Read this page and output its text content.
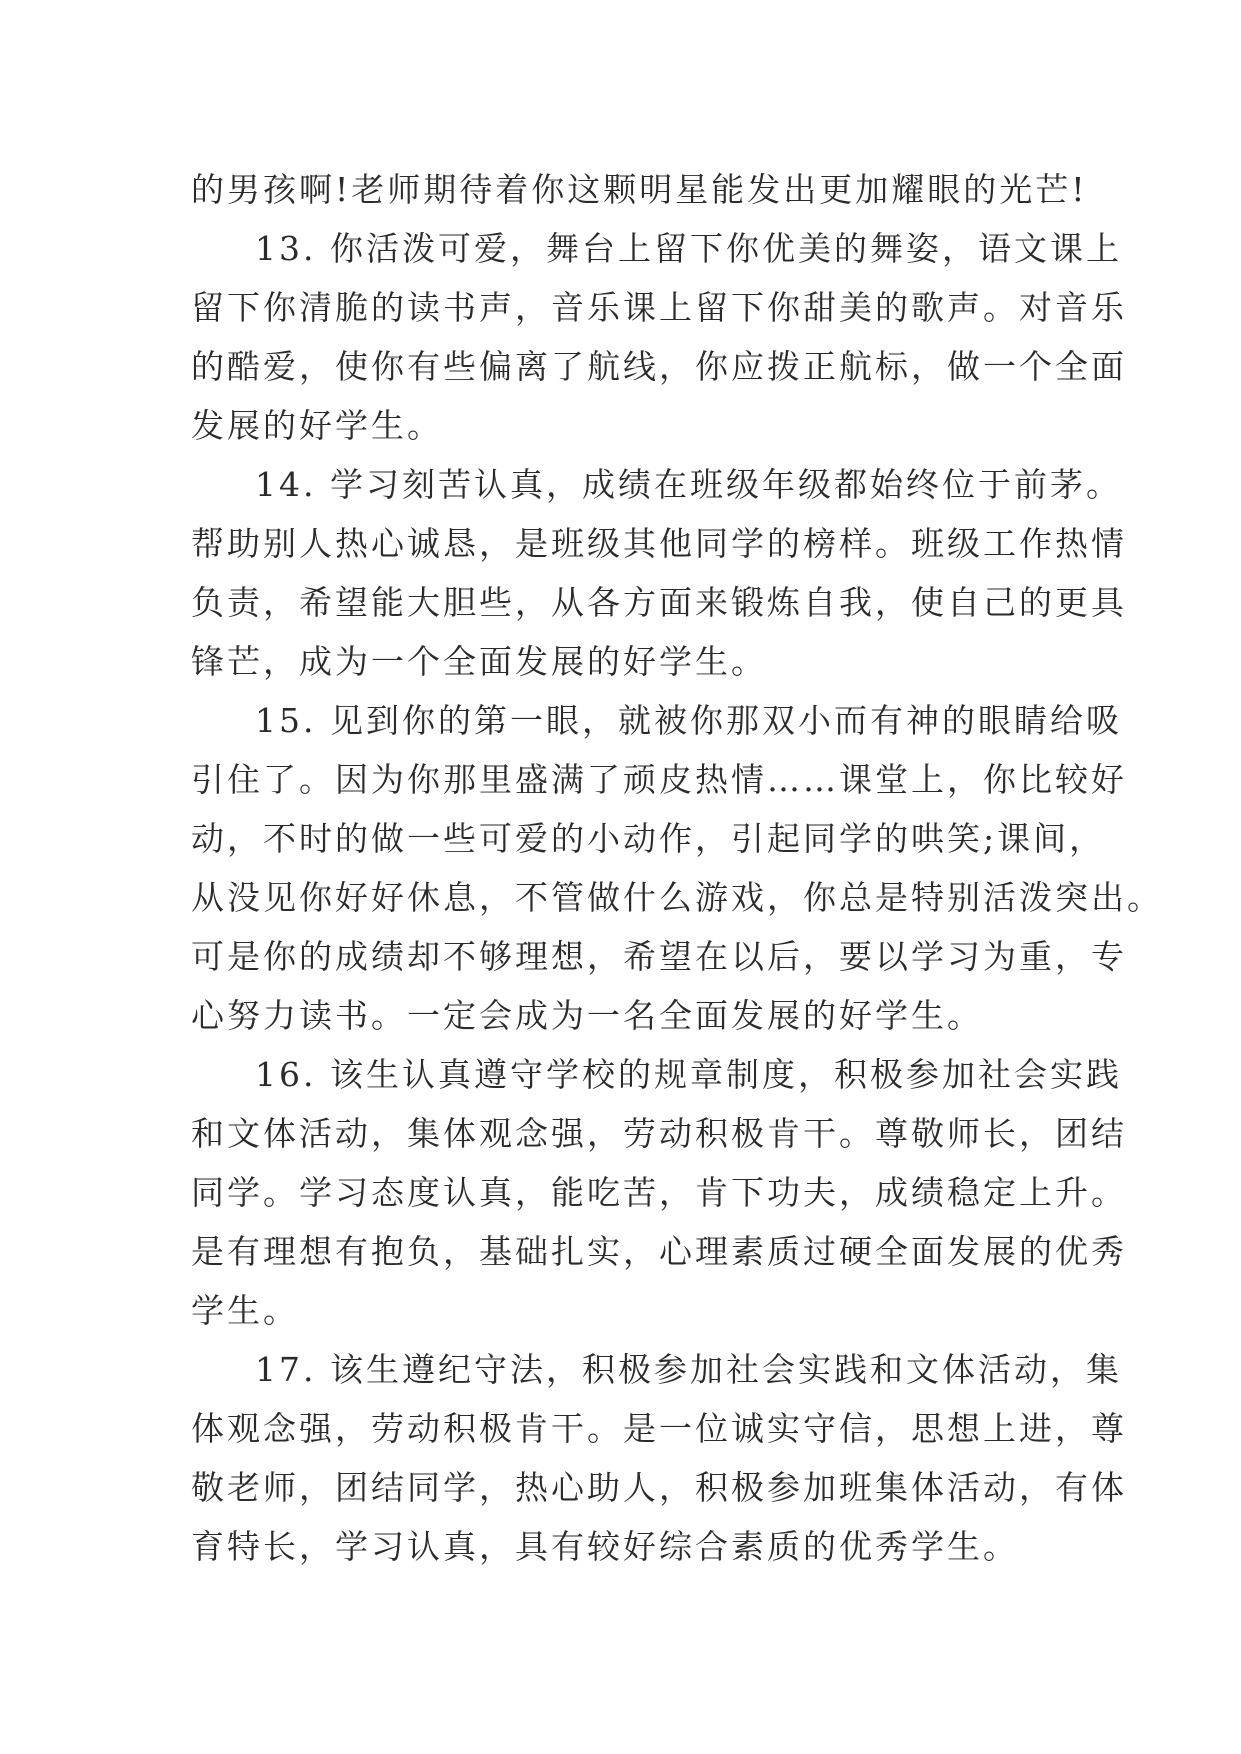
的男孩啊!老师期待着你这颗明星能发出更加耀眼的光芒!
13. 你活泼可爱，舞台上留下你优美的舞姿，语文课上
留下你清脆的读书声，音乐课上留下你甜美的歌声。对音乐
的酷爱，使你有些偏离了航线，你应拨正航标，做一个全面
发展的好学生。
14. 学习刻苦认真，成绩在班级年级都始终位于前茅。
帮助别人热心诚恳，是班级其他同学的榜样。班级工作热情
负责，希望能大胆些，从各方面来锻炼自我，使自己的更具
锋芒，成为一个全面发展的好学生。
15. 见到你的第一眼，就被你那双小而有神的眼睛给吸
引住了。因为你那里盛满了顽皮热情……课堂上，你比较好
动，不时的做一些可爱的小动作，引起同学的哄笑;课间，
从没见你好好休息，不管做什么游戏，你总是特别活泼突出。
可是你的成绩却不够理想，希望在以后，要以学习为重，专
心努力读书。一定会成为一名全面发展的好学生。
16. 该生认真遵守学校的规章制度，积极参加社会实践
和文体活动，集体观念强，劳动积极肯干。尊敬师长，团结
同学。学习态度认真，能吃苦，肯下功夫，成绩稳定上升。
是有理想有抱负，基础扎实，心理素质过硬全面发展的优秀
学生。
17. 该生遵纪守法，积极参加社会实践和文体活动，集
体观念强，劳动积极肯干。是一位诚实守信，思想上进，尊
敬老师，团结同学，热心助人，积极参加班集体活动，有体
育特长，学习认真，具有较好综合素质的优秀学生。
